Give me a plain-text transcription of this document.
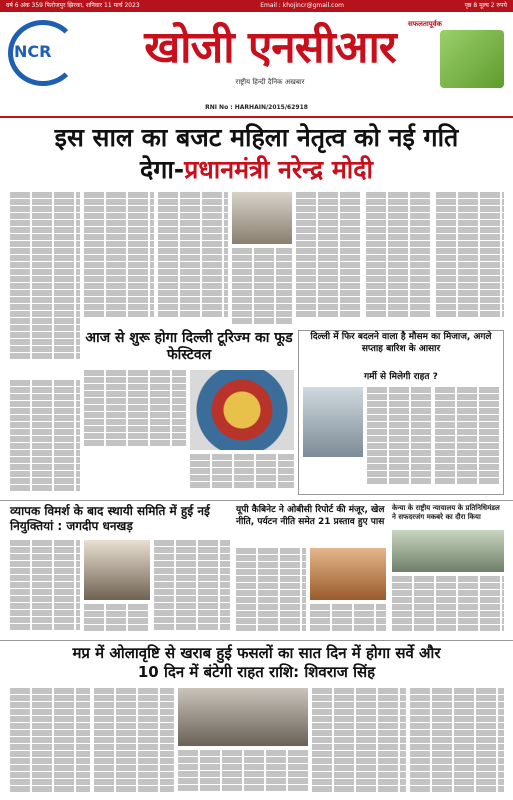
वर्ष 6 अंक 359 फिरोजपुर झिरका, शनिवार 11 मार्च 2023	Email : khojincr@gmail.com	पृष्ठ 8 मूल्य 2 रुपये
NCR	खोजी एनसीआर
राष्ट्रीय हिन्दी दैनिक अखबार
सफलतापूर्वक
RNI No : HARHAIN/2015/62918
इस साल का बजट महिला नेतृत्व को नई गति
देगा-प्रधानमंत्री नरेन्द्र मोदी
आज से शुरू होगा दिल्ली टूरिज्म का फूड फेस्टिवल
दिल्ली में फिर बदलने वाला है मौसम का मिजाज, अगले सप्ताह बारिश के आसार
गर्मी से मिलेगी राहत ?
व्यापक विमर्श के बाद स्थायी समिति में हुई नई नियुक्तियां : जगदीप धनखड़
यूपी कैबिनेट ने ओबीसी रिपोर्ट की मंजूर, खेल नीति, पर्यटन नीति समेत 21 प्रस्ताव हुए पास
केन्या के राष्ट्रीय न्यायालय के प्रतिनिधिमंडल ने सफदरजंग मकबरे का दौरा किया
मप्र में ओलावृष्टि से खराब हुई फसलों का सात दिन में होगा सर्वे और
10 दिन में बंटेगी राहत राशि: शिवराज सिंह
